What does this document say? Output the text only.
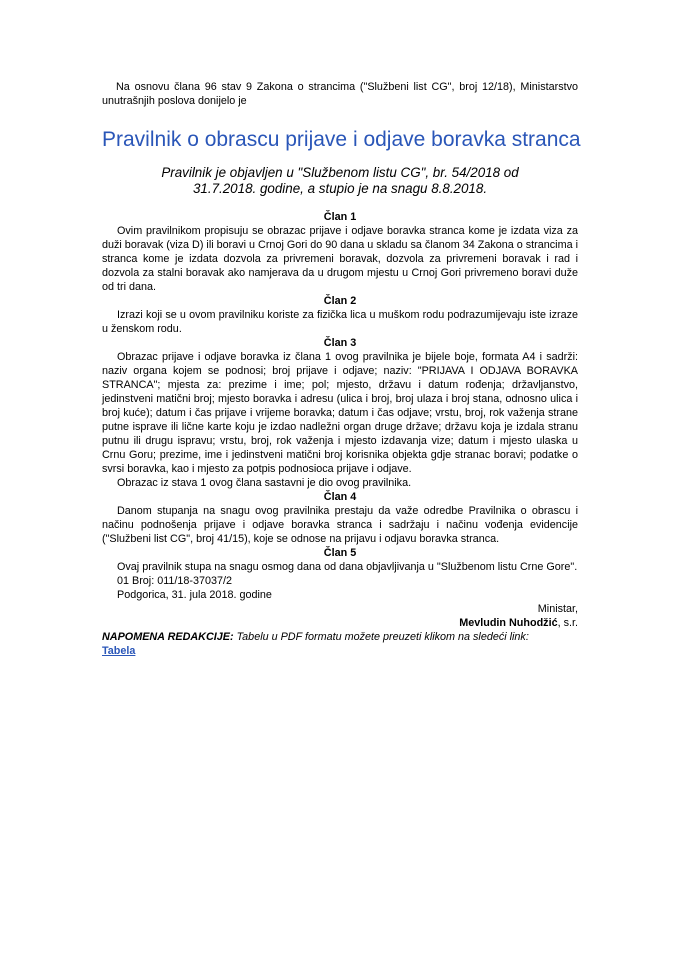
Na osnovu člana 96 stav 9 Zakona o strancima ("Službeni list CG", broj 12/18), Ministarstvo unutrašnjih poslova donijelo je

Pravilnik o obrascu prijave i odjave boravka stranca

Pravilnik je objavljen u "Službenom listu CG", br. 54/2018 od 31.7.2018. godine, a stupio je na snagu 8.8.2018.

Član 1

Ovim pravilnikom propisuju se obrazac prijave i odjave boravka stranca kome je izdata viza za duži boravak (viza D) ili boravi u Crnoj Gori do 90 dana u skladu sa članom 34 Zakona o strancima i stranca kome je izdata dozvola za privremeni boravak, dozvola za privremeni boravak i rad i dozvola za stalni boravak ako namjerava da u drugom mjestu u Crnoj Gori privremeno boravi duže od tri dana.

Član 2

Izrazi koji se u ovom pravilniku koriste za fizička lica u muškom rodu podrazumijevaju iste izraze u ženskom rodu.

Član 3

Obrazac prijave i odjave boravka iz člana 1 ovog pravilnika je bijele boje, formata A4 i sadrži: naziv organa kojem se podnosi; broj prijave i odjave; naziv: "PRIJAVA I ODJAVA BORAVKA STRANCA"; mjesta za: prezime i ime; pol; mjesto, državu i datum rođenja; državljanstvo, jedinstveni matični broj; mjesto boravka i adresu (ulica i broj, broj ulaza i broj stana, odnosno ulica i broj kuće); datum i čas prijave i vrijeme boravka; datum i čas odjave; vrstu, broj, rok važenja strane putne isprave ili lične karte koju je izdao nadležni organ druge države; državu koja je izdala stranu putnu ili drugu ispravu; vrstu, broj, rok važenja i mjesto izdavanja vize; datum i mjesto ulaska u Crnu Goru; prezime, ime i jedinstveni matični broj korisnika objekta gdje stranac boravi; podatke o svrsi boravka, kao i mjesto za potpis podnosioca prijave i odjave.

Obrazac iz stava 1 ovog člana sastavni je dio ovog pravilnika.

Član 4

Danom stupanja na snagu ovog pravilnika prestaju da važe odredbe Pravilnika o obrascu i načinu podnošenja prijave i odjave boravka stranca i sadržaju i načinu vođenja evidencije ("Službeni list CG", broj 41/15), koje se odnose na prijavu i odjavu boravka stranca.

Član 5

Ovaj pravilnik stupa na snagu osmog dana od dana objavljivanja u "Službenom listu Crne Gore".

01 Broj: 011/18-37037/2

Podgorica, 31. jula 2018. godine

Ministar,

Mevludin Nuhodžić, s.r.

NAPOMENA REDAKCIJE: Tabelu u PDF formatu možete preuzeti klikom na sledeći link:

Tabela
